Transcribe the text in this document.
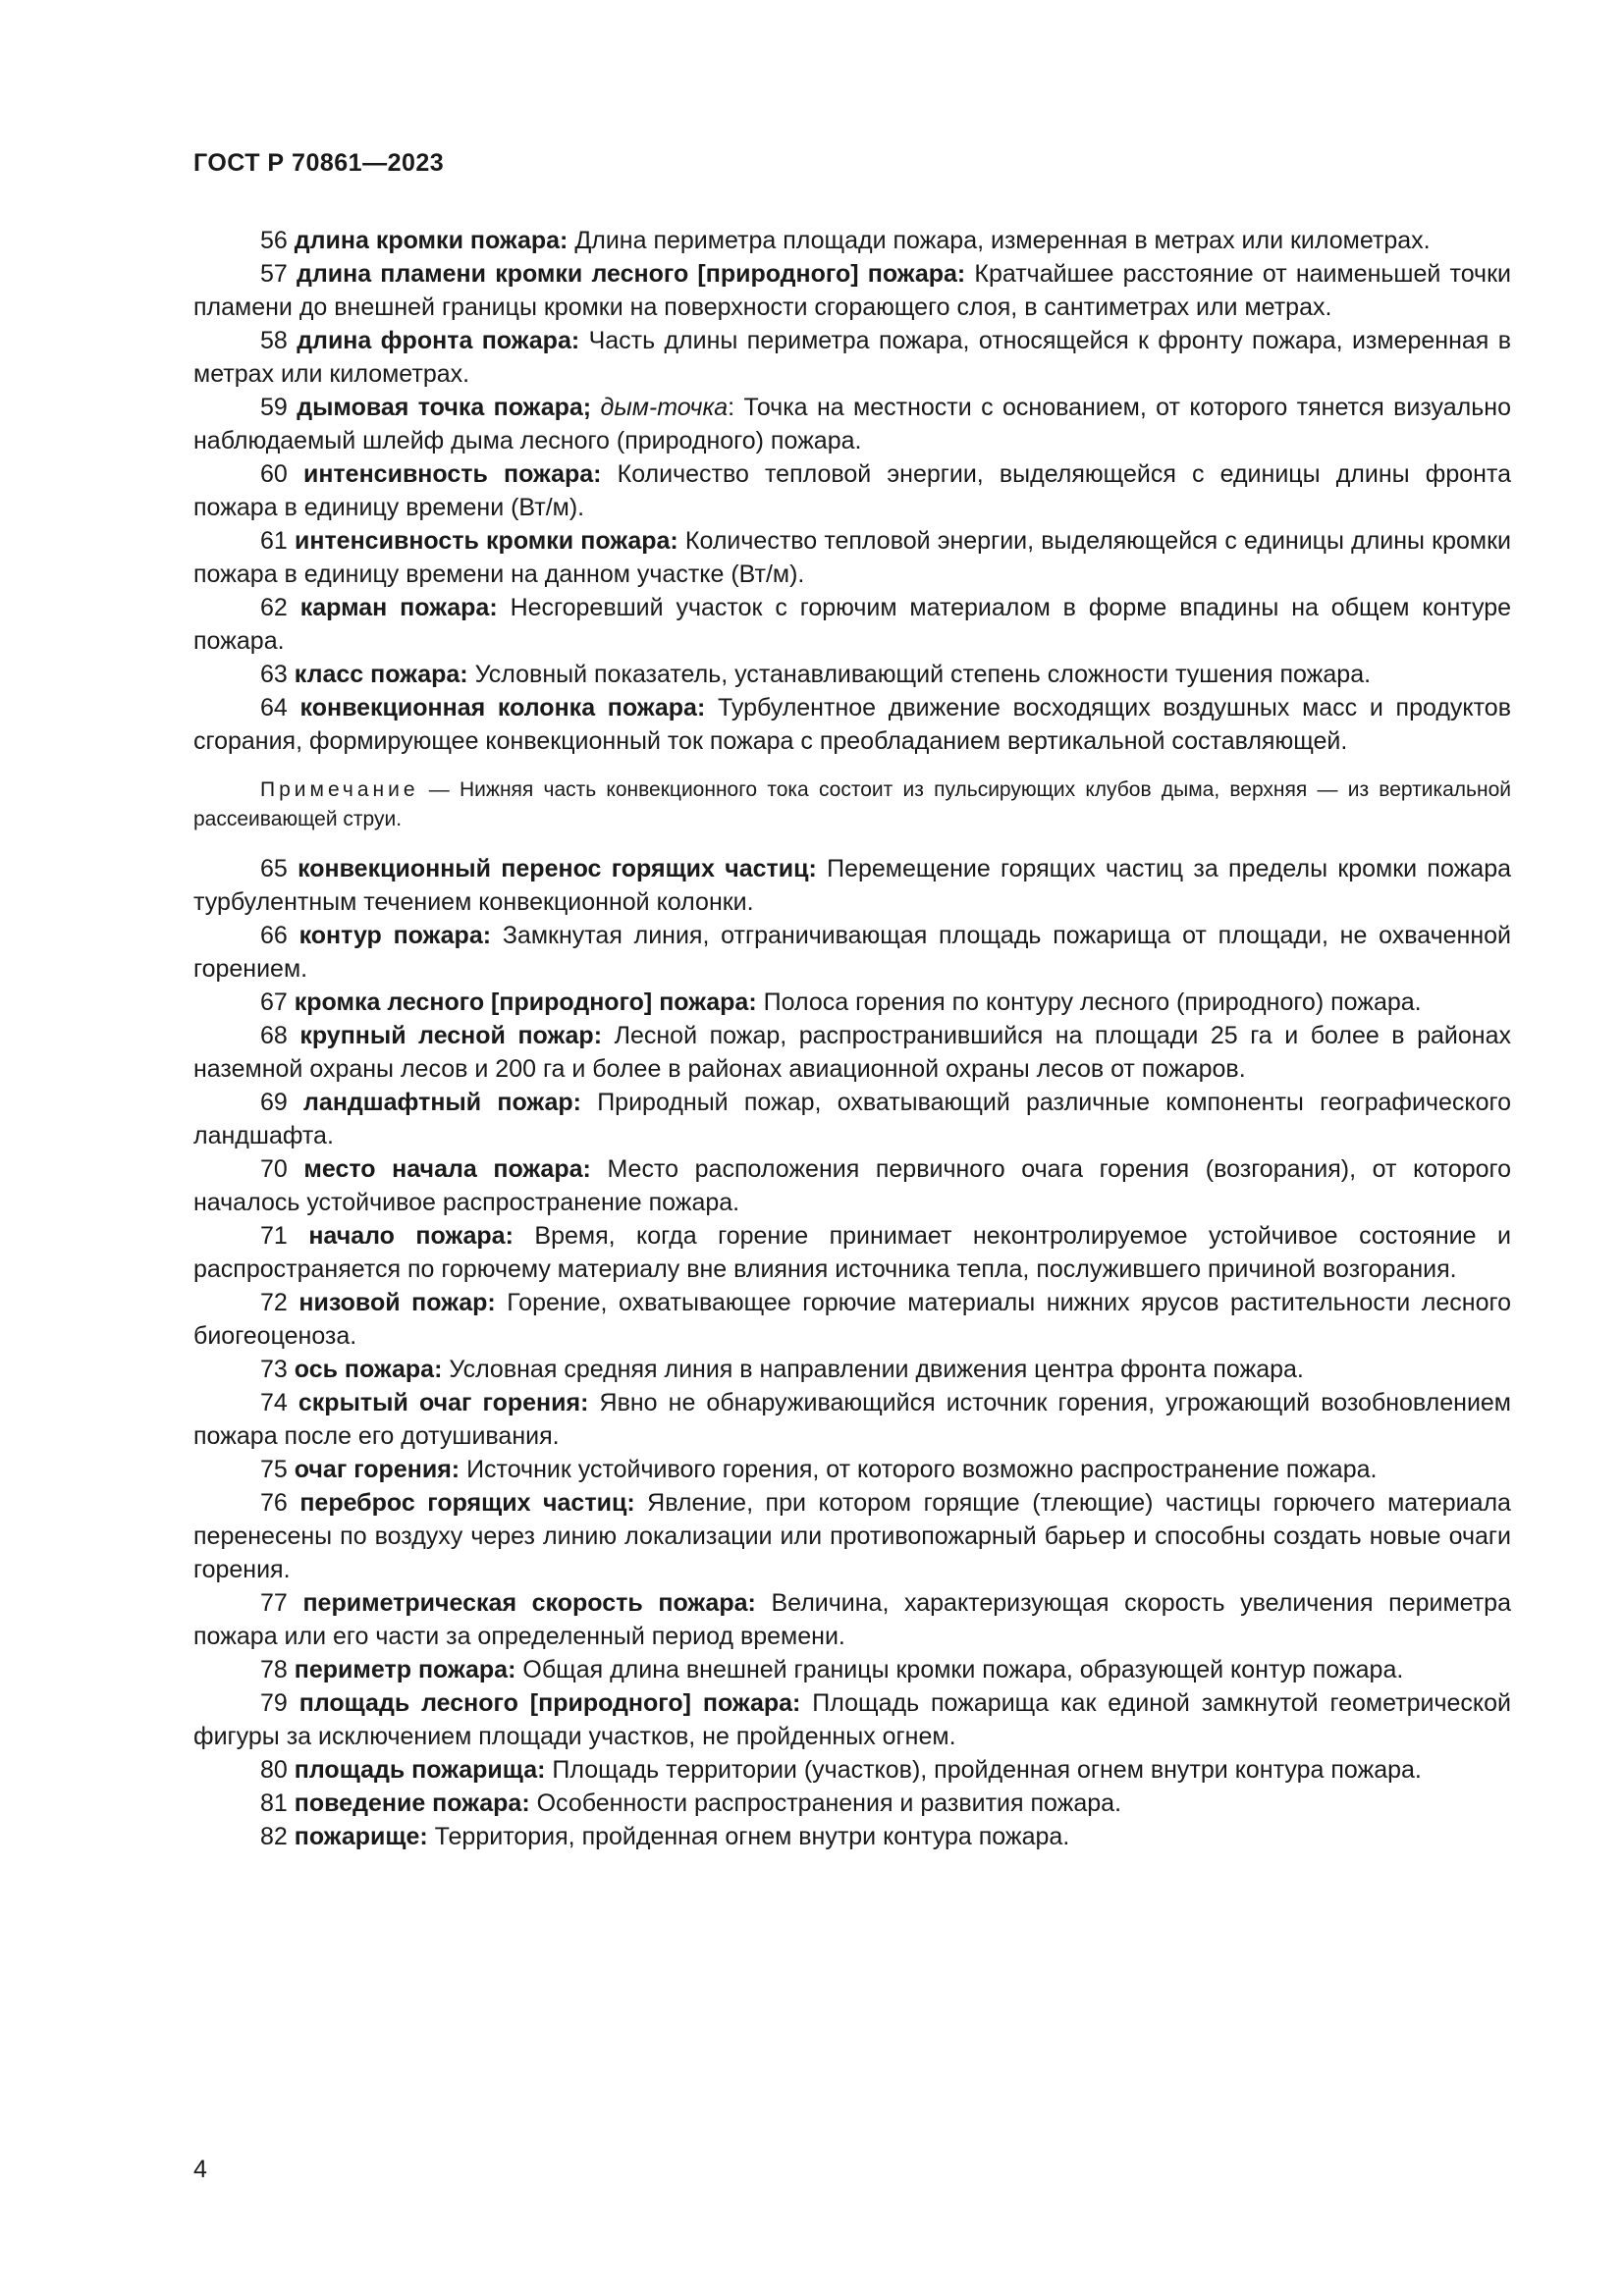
ГОСТ Р 70861—2023
56 длина кромки пожара: Длина периметра площади пожара, измеренная в метрах или километрах.
57 длина пламени кромки лесного [природного] пожара: Кратчайшее расстояние от наименьшей точки пламени до внешней границы кромки на поверхности сгорающего слоя, в сантиметрах или метрах.
58 длина фронта пожара: Часть длины периметра пожара, относящейся к фронту пожара, измеренная в метрах или километрах.
59 дымовая точка пожара; дым-точка: Точка на местности с основанием, от которого тянется визуально наблюдаемый шлейф дыма лесного (природного) пожара.
60 интенсивность пожара: Количество тепловой энергии, выделяющейся с единицы длины фронта пожара в единицу времени (Вт/м).
61 интенсивность кромки пожара: Количество тепловой энергии, выделяющейся с единицы длины кромки пожара в единицу времени на данном участке (Вт/м).
62 карман пожара: Несгоревший участок с горючим материалом в форме впадины на общем контуре пожара.
63 класс пожара: Условный показатель, устанавливающий степень сложности тушения пожара.
64 конвекционная колонка пожара: Турбулентное движение восходящих воздушных масс и продуктов сгорания, формирующее конвекционный ток пожара с преобладанием вертикальной составляющей.
Примечание — Нижняя часть конвекционного тока состоит из пульсирующих клубов дыма, верхняя — из вертикальной рассеивающей струи.
65 конвекционный перенос горящих частиц: Перемещение горящих частиц за пределы кромки пожара турбулентным течением конвекционной колонки.
66 контур пожара: Замкнутая линия, отграничивающая площадь пожарища от площади, не охваченной горением.
67 кромка лесного [природного] пожара: Полоса горения по контуру лесного (природного) пожара.
68 крупный лесной пожар: Лесной пожар, распространившийся на площади 25 га и более в районах наземной охраны лесов и 200 га и более в районах авиационной охраны лесов от пожаров.
69 ландшафтный пожар: Природный пожар, охватывающий различные компоненты географического ландшафта.
70 место начала пожара: Место расположения первичного очага горения (возгорания), от которого началось устойчивое распространение пожара.
71 начало пожара: Время, когда горение принимает неконтролируемое устойчивое состояние и распространяется по горючему материалу вне влияния источника тепла, послужившего причиной возгорания.
72 низовой пожар: Горение, охватывающее горючие материалы нижних ярусов растительности лесного биогеоценоза.
73 ось пожара: Условная средняя линия в направлении движения центра фронта пожара.
74 скрытый очаг горения: Явно не обнаруживающийся источник горения, угрожающий возобновлением пожара после его дотушивания.
75 очаг горения: Источник устойчивого горения, от которого возможно распространение пожара.
76 переброс горящих частиц: Явление, при котором горящие (тлеющие) частицы горючего материала перенесены по воздуху через линию локализации или противопожарный барьер и способны создать новые очаги горения.
77 периметрическая скорость пожара: Величина, характеризующая скорость увеличения периметра пожара или его части за определенный период времени.
78 периметр пожара: Общая длина внешней границы кромки пожара, образующей контур пожара.
79 площадь лесного [природного] пожара: Площадь пожарища как единой замкнутой геометрической фигуры за исключением площади участков, не пройденных огнем.
80 площадь пожарища: Площадь территории (участков), пройденная огнем внутри контура пожара.
81 поведение пожара: Особенности распространения и развития пожара.
82 пожарище: Территория, пройденная огнем внутри контура пожара.
4
